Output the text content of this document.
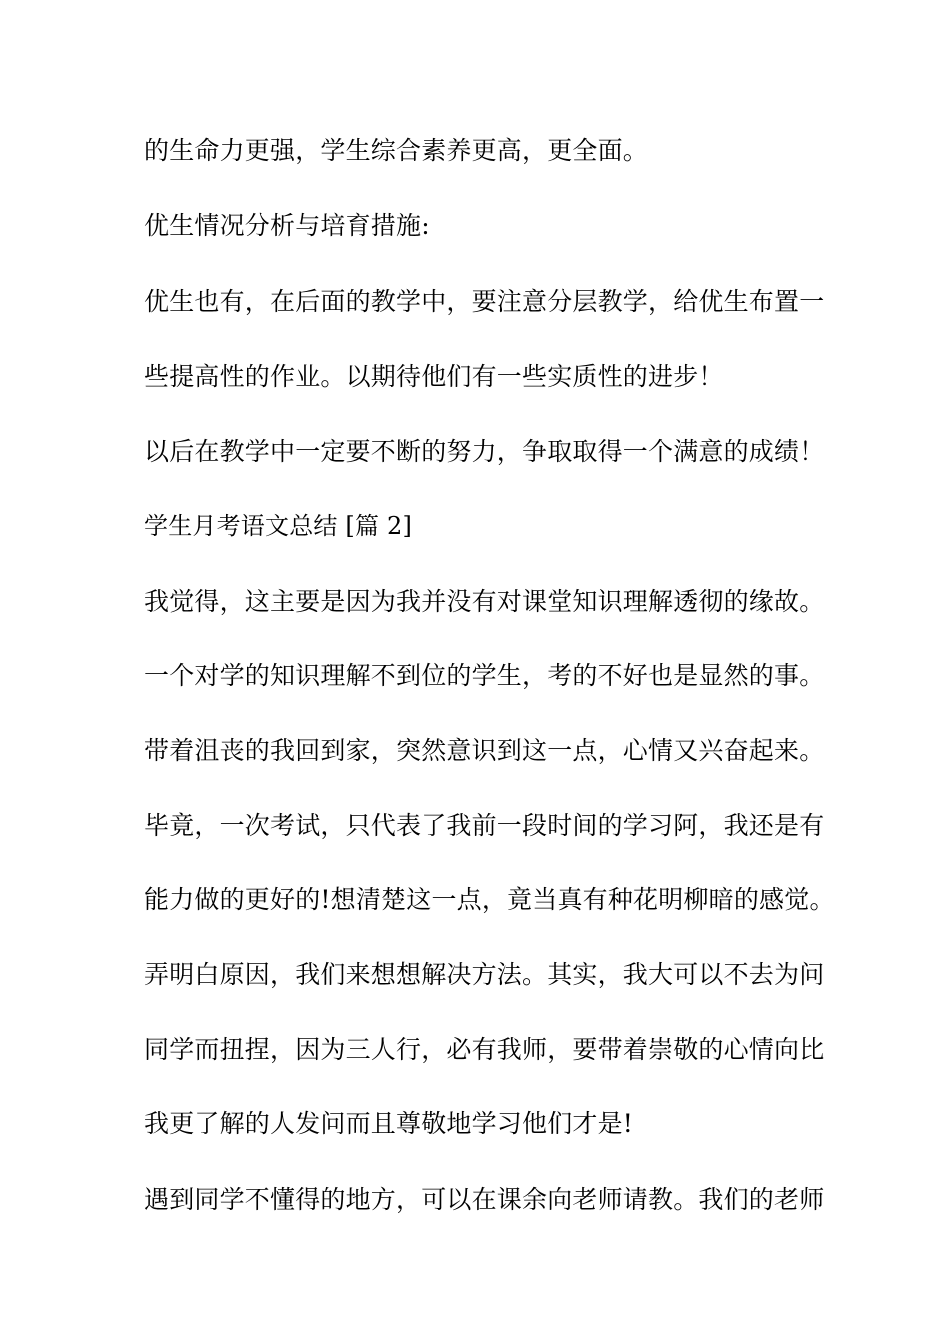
的生命力更强，学生综合素养更高，更全面。

优生情况分析与培育措施:

优生也有，在后面的教学中，要注意分层教学，给优生布置一

些提高性的作业。以期待他们有一些实质性的进步！

以后在教学中一定要不断的努力，争取取得一个满意的成绩！

学生月考语文总结 [篇 2]

我觉得，这主要是因为我并没有对课堂知识理解透彻的缘故。

一个对学的知识理解不到位的学生，考的不好也是显然的事。

带着沮丧的我回到家，突然意识到这一点，心情又兴奋起来。

毕竟，一次考试，只代表了我前一段时间的学习阿，我还是有

能力做的更好的!想清楚这一点，竟当真有种花明柳暗的感觉。

弄明白原因，我们来想想解决方法。其实，我大可以不去为问

同学而扭捏，因为三人行，必有我师，要带着崇敬的心情向比

我更了解的人发问而且尊敬地学习他们才是!

遇到同学不懂得的地方，可以在课余向老师请教。我们的老师
